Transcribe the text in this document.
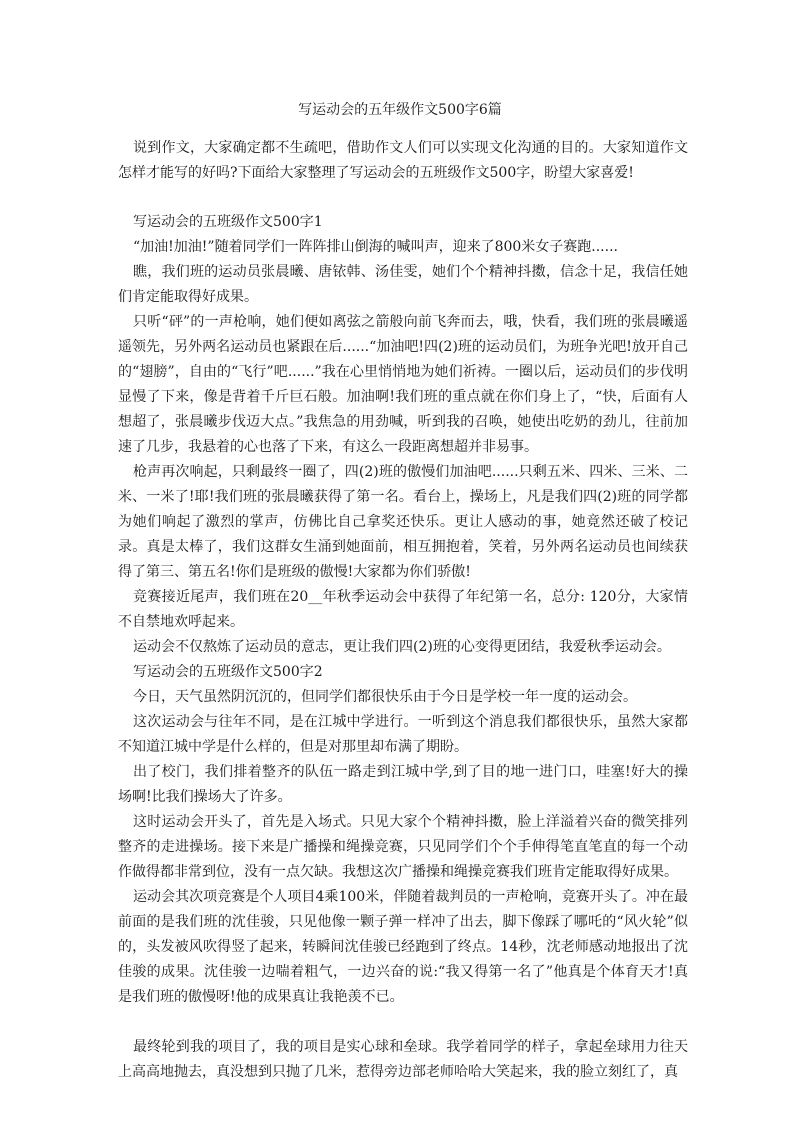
写运动会的五年级作文500字6篇

说到作文，大家确定都不生疏吧，借助作文人们可以实现文化沟通的目的。大家知道作文怎样才能写的好吗?下面给大家整理了写运动会的五班级作文500字，盼望大家喜爱!

写运动会的五班级作文500字1

“加油!加油!”随着同学们一阵阵排山倒海的喊叫声，迎来了800米女子赛跑......

瞧，我们班的运动员张晨曦、唐铱韩、汤佳雯，她们个个精神抖擞，信念十足，我信任她们肯定能取得好成果。

只听“砰”的一声枪响，她们便如离弦之箭般向前飞奔而去，哦，快看，我们班的张晨曦遥遥领先，另外两名运动员也紧跟在后......“加油吧!四(2)班的运动员们，为班争光吧!放开自己的“翅膀”，自由的“飞行”吧......”我在心里悄悄地为她们祈祷。一圈以后，运动员们的步伐明显慢了下来，像是背着千斤巨石般。加油啊!我们班的重点就在你们身上了，“快，后面有人想超了，张晨曦步伐迈大点。”我焦急的用劲喊，听到我的召唤，她使出吃奶的劲儿，往前加速了几步，我悬着的心也落了下来，有这么一段距离想超并非易事。

枪声再次响起，只剩最终一圈了，四(2)班的傲慢们加油吧......只剩五米、四米、三米、二米、一米了!耶!我们班的张晨曦获得了第一名。看台上，操场上，凡是我们四(2)班的同学都为她们响起了激烈的掌声，仿佛比自己拿奖还快乐。更让人感动的事，她竟然还破了校记录。真是太棒了，我们这群女生涌到她面前，相互拥抱着，笑着，另外两名运动员也间续获得了第三、第五名!你们是班级的傲慢!大家都为你们骄傲!

竞赛接近尾声，我们班在20__年秋季运动会中获得了年纪第一名，总分: 120分，大家情不自禁地欢呼起来。

运动会不仅熬炼了运动员的意志，更让我们四(2)班的心变得更团结，我爱秋季运动会。

写运动会的五班级作文500字2

今日，天气虽然阴沉沉的，但同学们都很快乐由于今日是学校一年一度的运动会。

这次运动会与往年不同，是在江城中学进行。一听到这个消息我们都很快乐，虽然大家都不知道江城中学是什么样的，但是对那里却布满了期盼。

出了校门，我们排着整齐的队伍一路走到江城中学,到了目的地一进门口，哇塞!好大的操场啊!比我们操场大了许多。

这时运动会开头了，首先是入场式。只见大家个个精神抖擞，脸上洋溢着兴奋的微笑排列整齐的走进操场。接下来是广播操和绳操竞赛，只见同学们个个手伸得笔直笔直的每一个动作做得都非常到位，没有一点欠缺。我想这次广播操和绳操竞赛我们班肯定能取得好成果。

运动会其次项竞赛是个人项目4乘100米，伴随着裁判员的一声枪响，竞赛开头了。冲在最前面的是我们班的沈佳骏，只见他像一颗子弹一样冲了出去，脚下像踩了哪吒的“风火轮”似的，头发被风吹得竖了起来，转瞬间沈佳骏已经跑到了终点。14秒，沈老师感动地报出了沈佳骏的成果。沈佳骏一边喘着粗气，一边兴奋的说:“我又得第一名了”他真是个体育天才!真是我们班的傲慢呀!他的成果真让我艳羡不已。

最终轮到我的项目了，我的项目是实心球和垒球。我学着同学的样子，拿起垒球用力往天上高高地抛去，真没想到只抛了几米，惹得旁边部老师哈哈大笑起来，我的脸立刻红了，真
